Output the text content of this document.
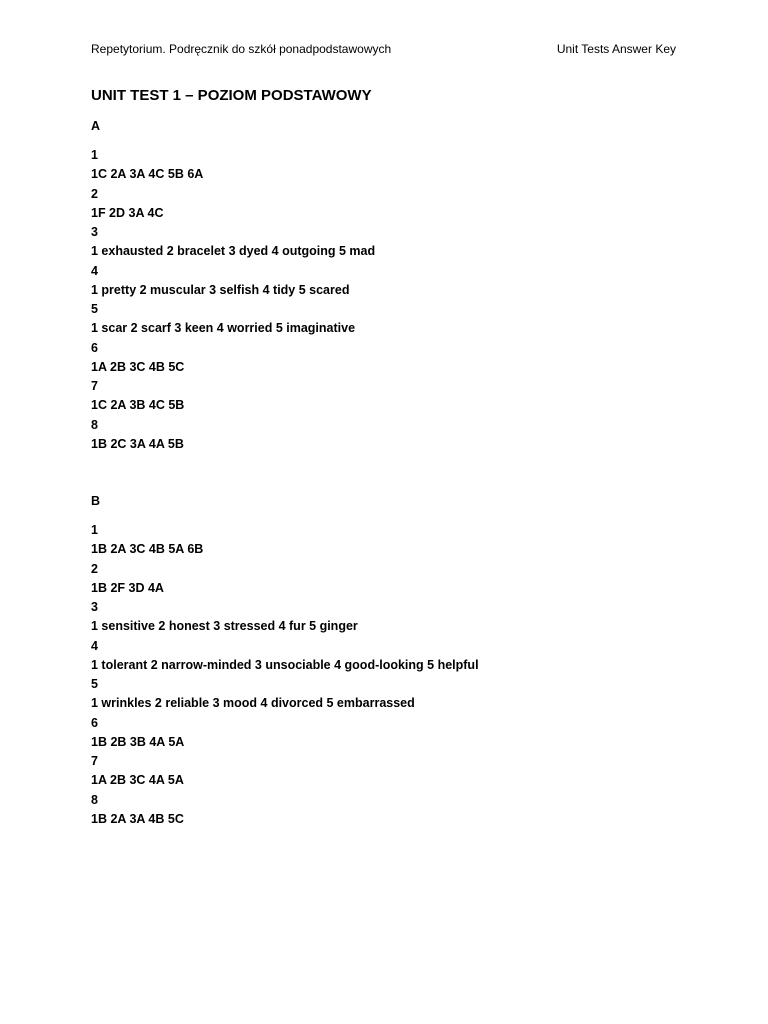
Repetytorium. Podręcznik do szkół ponadpodstawowych	Unit Tests Answer Key
UNIT TEST 1 – POZIOM PODSTAWOWY
A
1
1C 2A 3A 4C 5B 6A
2
1F 2D 3A 4C
3
1 exhausted 2 bracelet 3 dyed 4 outgoing 5 mad
4
1 pretty 2 muscular 3 selfish 4 tidy 5 scared
5
1 scar 2 scarf 3 keen 4 worried 5 imaginative
6
1A 2B 3C 4B 5C
7
1C 2A 3B 4C 5B
8
1B 2C 3A 4A 5B
B
1
1B 2A 3C 4B 5A 6B
2
1B 2F 3D 4A
3
1 sensitive 2 honest 3 stressed 4 fur 5 ginger
4
1 tolerant 2 narrow-minded 3 unsociable 4 good-looking 5 helpful
5
1 wrinkles 2 reliable 3 mood 4 divorced 5 embarrassed
6
1B 2B 3B 4A 5A
7
1A 2B 3C 4A 5A
8
1B 2A 3A 4B 5C
